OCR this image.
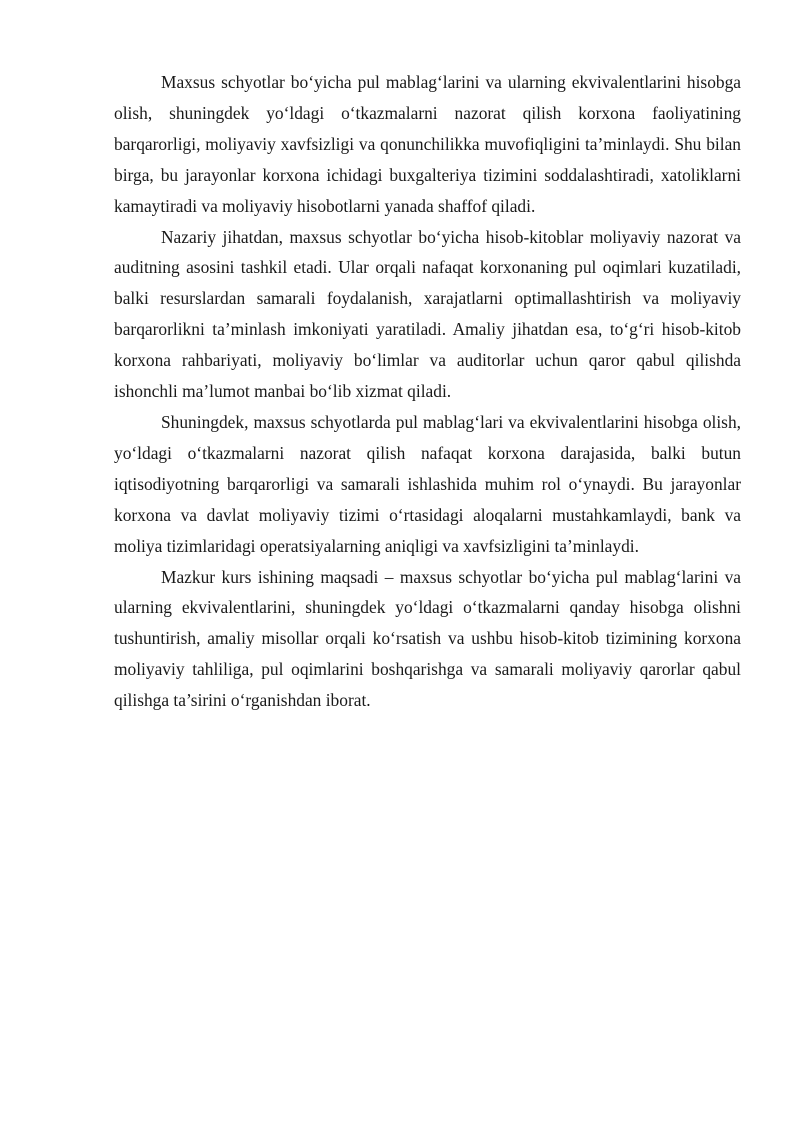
Maxsus schyotlar bo‘yicha pul mablag‘larini va ularning ekvivalentlarini hisobga olish, shuningdek yo‘ldagi o‘tkazmalarni nazorat qilish korxona faoliyatining barqarorligi, moliyaviy xavfsizligi va qonunchilikka muvofiqligini ta’minlaydi. Shu bilan birga, bu jarayonlar korxona ichidagi buxgalteriya tizimini soddalashtiradi, xatoliklarni kamaytiradi va moliyaviy hisobotlarni yanada shaffof qiladi.

Nazariy jihatdan, maxsus schyotlar bo‘yicha hisob-kitoblar moliyaviy nazorat va auditning asosini tashkil etadi. Ular orqali nafaqat korxonaning pul oqimlari kuzatiladi, balki resurslardan samarali foydalanish, xarajatlarni optimallashtirish va moliyaviy barqarorlikni ta’minlash imkoniyati yaratiladi. Amaliy jihatdan esa, to‘g‘ri hisob-kitob korxona rahbariyati, moliyaviy bo‘limlar va auditorlar uchun qaror qabul qilishda ishonchli ma’lumot manbai bo‘lib xizmat qiladi.

Shuningdek, maxsus schyotlarda pul mablag‘lari va ekvivalentlarini hisobga olish, yo‘ldagi o‘tkazmalarni nazorat qilish nafaqat korxona darajasida, balki butun iqtisodiyotning barqarorligi va samarali ishlashida muhim rol o‘ynaydi. Bu jarayonlar korxona va davlat moliyaviy tizimi o‘rtasidagi aloqalarni mustahkamlaydi, bank va moliya tizimlaridagi operatsiyalarning aniqligi va xavfsizligini ta’minlaydi.

Mazkur kurs ishining maqsadi – maxsus schyotlar bo‘yicha pul mablag‘larini va ularning ekvivalentlarini, shuningdek yo‘ldagi o‘tkazmalarni qanday hisobga olishni tushuntirish, amaliy misollar orqali ko‘rsatish va ushbu hisob-kitob tizimining korxona moliyaviy tahliliga, pul oqimlarini boshqarishga va samarali moliyaviy qarorlar qabul qilishga ta’sirini o‘rganishdan iborat.
